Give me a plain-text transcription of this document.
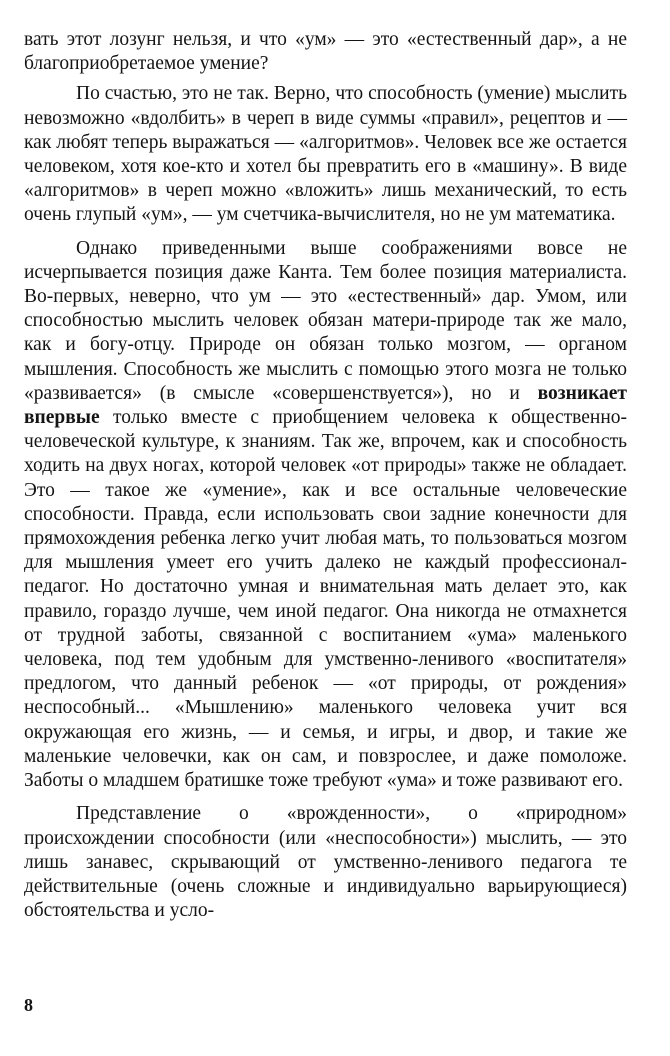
вать этот лозунг нельзя, и что «ум» — это «естественный дар», а не благоприобретаемое умение?

По счастью, это не так. Верно, что способность (умение) мыслить невозможно «вдолбить» в череп в виде суммы «правил», рецептов и — как любят теперь выражаться — «алгоритмов». Человек все же остается человеком, хотя кое-кто и хотел бы превратить его в «машину». В виде «алгоритмов» в череп можно «вложить» лишь механический, то есть очень глупый «ум», — ум счетчика-вычислителя, но не ум математика.

Однако приведенными выше соображениями вовсе не исчерпывается позиция даже Канта. Тем более позиция материалиста. Во-первых, неверно, что ум — это «естественный» дар. Умом, или способностью мыслить человек обязан матери-природе так же мало, как и богу-отцу. Природе он обязан только мозгом, — органом мышления. Способность же мыслить с помощью этого мозга не только «развивается» (в смысле «совершенствуется»), но и возникает впервые только вместе с приобщением человека к общественно-человеческой культуре, к знаниям. Так же, впрочем, как и способность ходить на двух ногах, которой человек «от природы» также не обладает. Это — такое же «умение», как и все остальные человеческие способности. Правда, если использовать свои задние конечности для прямохождения ребенка легко учит любая мать, то пользоваться мозгом для мышления умеет его учить далеко не каждый профессионал-педагог. Но достаточно умная и внимательная мать делает это, как правило, гораздо лучше, чем иной педагог. Она никогда не отмахнется от трудной заботы, связанной с воспитанием «ума» маленького человека, под тем удобным для умственно-ленивого «воспитателя» предлогом, что данный ребенок — «от природы, от рождения» неспособный... «Мышлению» маленького человека учит вся окружающая его жизнь, — и семья, и игры, и двор, и такие же маленькие человечки, как он сам, и повзрослее, и даже помоложе. Заботы о младшем братишке тоже требуют «ума» и тоже развивают его.

Представление о «врожденности», о «природном» происхождении способности (или «неспособности») мыслить, — это лишь занавес, скрывающий от умственно-ленивого педагога те действительные (очень сложные и индивидуально варьирующиеся) обстоятельства и усло-

8
